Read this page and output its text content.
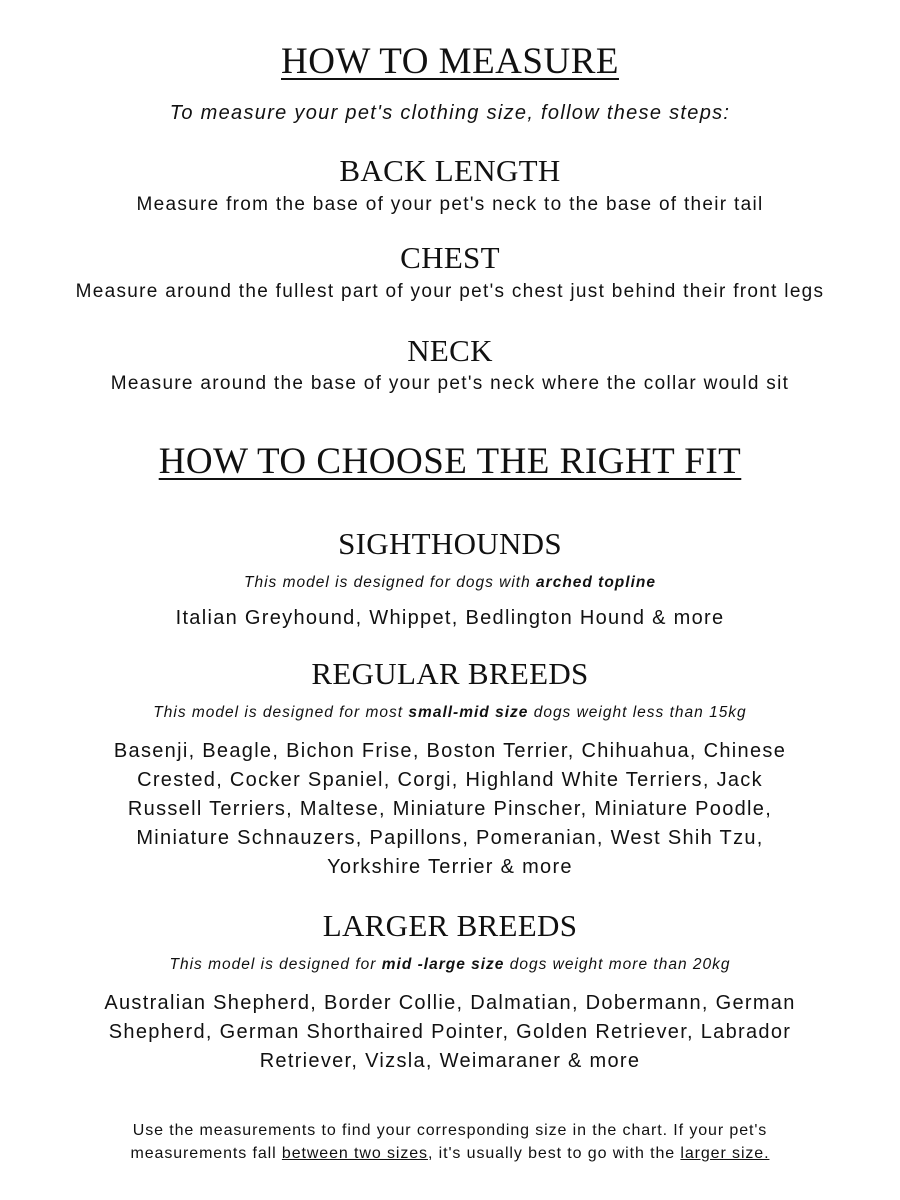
HOW TO MEASURE

To measure your pet's clothing size, follow these steps:

BACK LENGTH

Measure from the base of your pet's neck to the base of their tail

CHEST

Measure around the fullest part of your pet's chest just behind their front legs

NECK

Measure around the base of your pet's neck where the collar would sit

HOW TO CHOOSE THE RIGHT FIT
SIGHTHOUNDS

This model is designed for dogs with arched topline

Italian Greyhound, Whippet, Bedlington Hound & more

REGULAR BREEDS

This model is designed for most small-mid size dogs weight less than 15kg

Basenji, Beagle, Bichon Frise, Boston Terrier, Chihuahua, Chinese Crested, Cocker Spaniel, Corgi, Highland White Terriers, Jack Russell Terriers, Maltese, Miniature Pinscher, Miniature Poodle, Miniature Schnauzers, Papillons, Pomeranian, West Shih Tzu, Yorkshire Terrier & more

LARGER BREEDS

This model is designed for mid -large size dogs weight more than 20kg

Australian Shepherd, Border Collie, Dalmatian, Dobermann, German Shepherd, German Shorthaired Pointer, Golden Retriever, Labrador Retriever, Vizsla, Weimaraner & more

Use the measurements to find your corresponding size in the chart. If your pet's
measurements fall between two sizes, it's usually best to go with the larger size.
